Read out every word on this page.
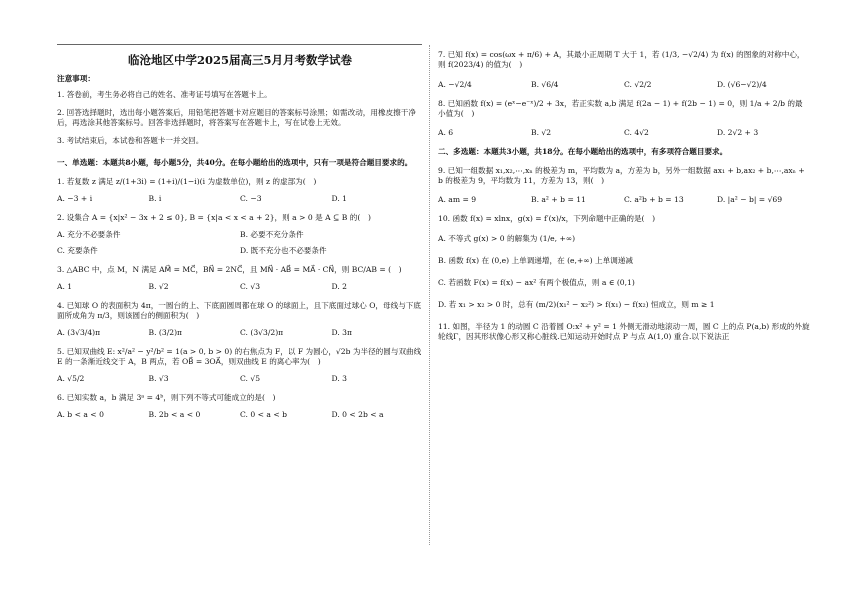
临沧地区中学2025届高三5月月考数学试卷

注意事项：

1. 答卷前，考生务必将自己的姓名、准考证号填写在答题卡上。

2. 回答选择题时，选出每小题答案后，用铅笔把答题卡对应题目的答案标号涂黑；如需改动，用橡皮擦干净后，再选涂其他答案标号。回答非选择题时，将答案写在答题卡上，写在试卷上无效。

3. 考试结束后，本试卷和答题卡一并交回。

一、单选题：本题共8小题，每小题5分，共40分。在每小题给出的选项中，只有一项是符合题目要求的。

1. 若复数 z 满足 z/(1+3i) = (1+i)/(1−i)(i 为虚数单位)，则 z 的虚部为(　)

A. −3 + i	B. i	C. −3	D. 1

2. 设集合 A = {x|x² − 3x + 2 ≤ 0}, B = {x|a < x < a + 2}，则 a > 0 是 A ⊆ B 的(　)

A. 充分不必要条件	B. 必要不充分条件
C. 充要条件	D. 既不充分也不必要条件

3. △ABC 中，点 M，N 满足 AM⃗ = MC⃗，BN⃗ = 2NC⃗，且 MN⃗ · AB⃗ = MA⃗ · CN⃗，则 BC/AB = (　)

A. 1	B. √2	C. √3	D. 2

4. 已知球 O 的表面积为 4π，一圆台的上、下底面圆周都在球 O 的球面上，且下底面过球心 O，母线与下底面所成角为 π/3，则该圆台的侧面积为(　)

A. (3√3/4)π	B. (3/2)π	C. (3√3/2)π	D. 3π

5. 已知双曲线 E: x²/a² − y²/b² = 1(a > 0, b > 0) 的右焦点为 F，以 F 为圆心，√2b 为半径的圆与双曲线 E 的一条渐近线交于 A，B 两点，若 OB⃗ = 3OA⃗，则双曲线 E 的离心率为(　)

A. √5/2	B. √3	C. √5	D. 3

6. 已知实数 a，b 满足 3ᵃ = 4ᵇ，则下列不等式可能成立的是(　)

A. b < a < 0	B. 2b < a < 0	C. 0 < a < b	D. 0 < 2b < a

7. 已知 f(x) = cos(ωx + π/6) + A，其最小正周期 T 大于 1，若 (1/3, −√2/4) 为 f(x) 的图象的对称中心，则 f(2023/4) 的值为(　)

A. −√2/4	B. √6/4	C. √2/2	D. (√6−√2)/4

8. 已知函数 f(x) = (eˣ−e⁻ˣ)/2 + 3x，若正实数 a,b 满足 f(2a − 1) + f(2b − 1) = 0，则 1/a + 2/b 的最小值为(　)

A. 6	B. √2	C. 4√2	D. 2√2 + 3

二、多选题：本题共3小题，共18分。在每小题给出的选项中，有多项符合题目要求。

9. 已知一组数据 x₁,x₂,⋯,xₙ 的极差为 m，平均数为 a，方差为 b，另外一组数据 ax₁ + b,ax₂ + b,⋯,axₙ + b 的极差为 9，平均数为 11，方差为 13，则(　)

A. am = 9	B. a² + b = 11	C. a²b + b = 13	D. |a² − b| = √69

10. 函数 f(x) = xlnx，g(x) = f′(x)/x，下列命题中正确的是(　)

A. 不等式 g(x) > 0 的解集为 (1/e, +∞)

B. 函数 f(x) 在 (0,e) 上单调递增，在 (e,+∞) 上单调递减

C. 若函数 F(x) = f(x) − ax² 有两个极值点，则 a ∈ (0,1)

D. 若 x₁ > x₂ > 0 时，总有 (m/2)(x₁² − x₂²) > f(x₁) − f(x₂) 恒成立，则 m ≥ 1

11. 如图，半径为 1 的动圆 C 沿着圆 O:x² + y² = 1 外侧无滑动地滚动一周，圆 C 上的点 P(a,b) 形成的外旋轮线Γ，因其形状像心形又称心脏线.已知运动开始时点 P 与点 A(1,0) 重合.以下说法正
